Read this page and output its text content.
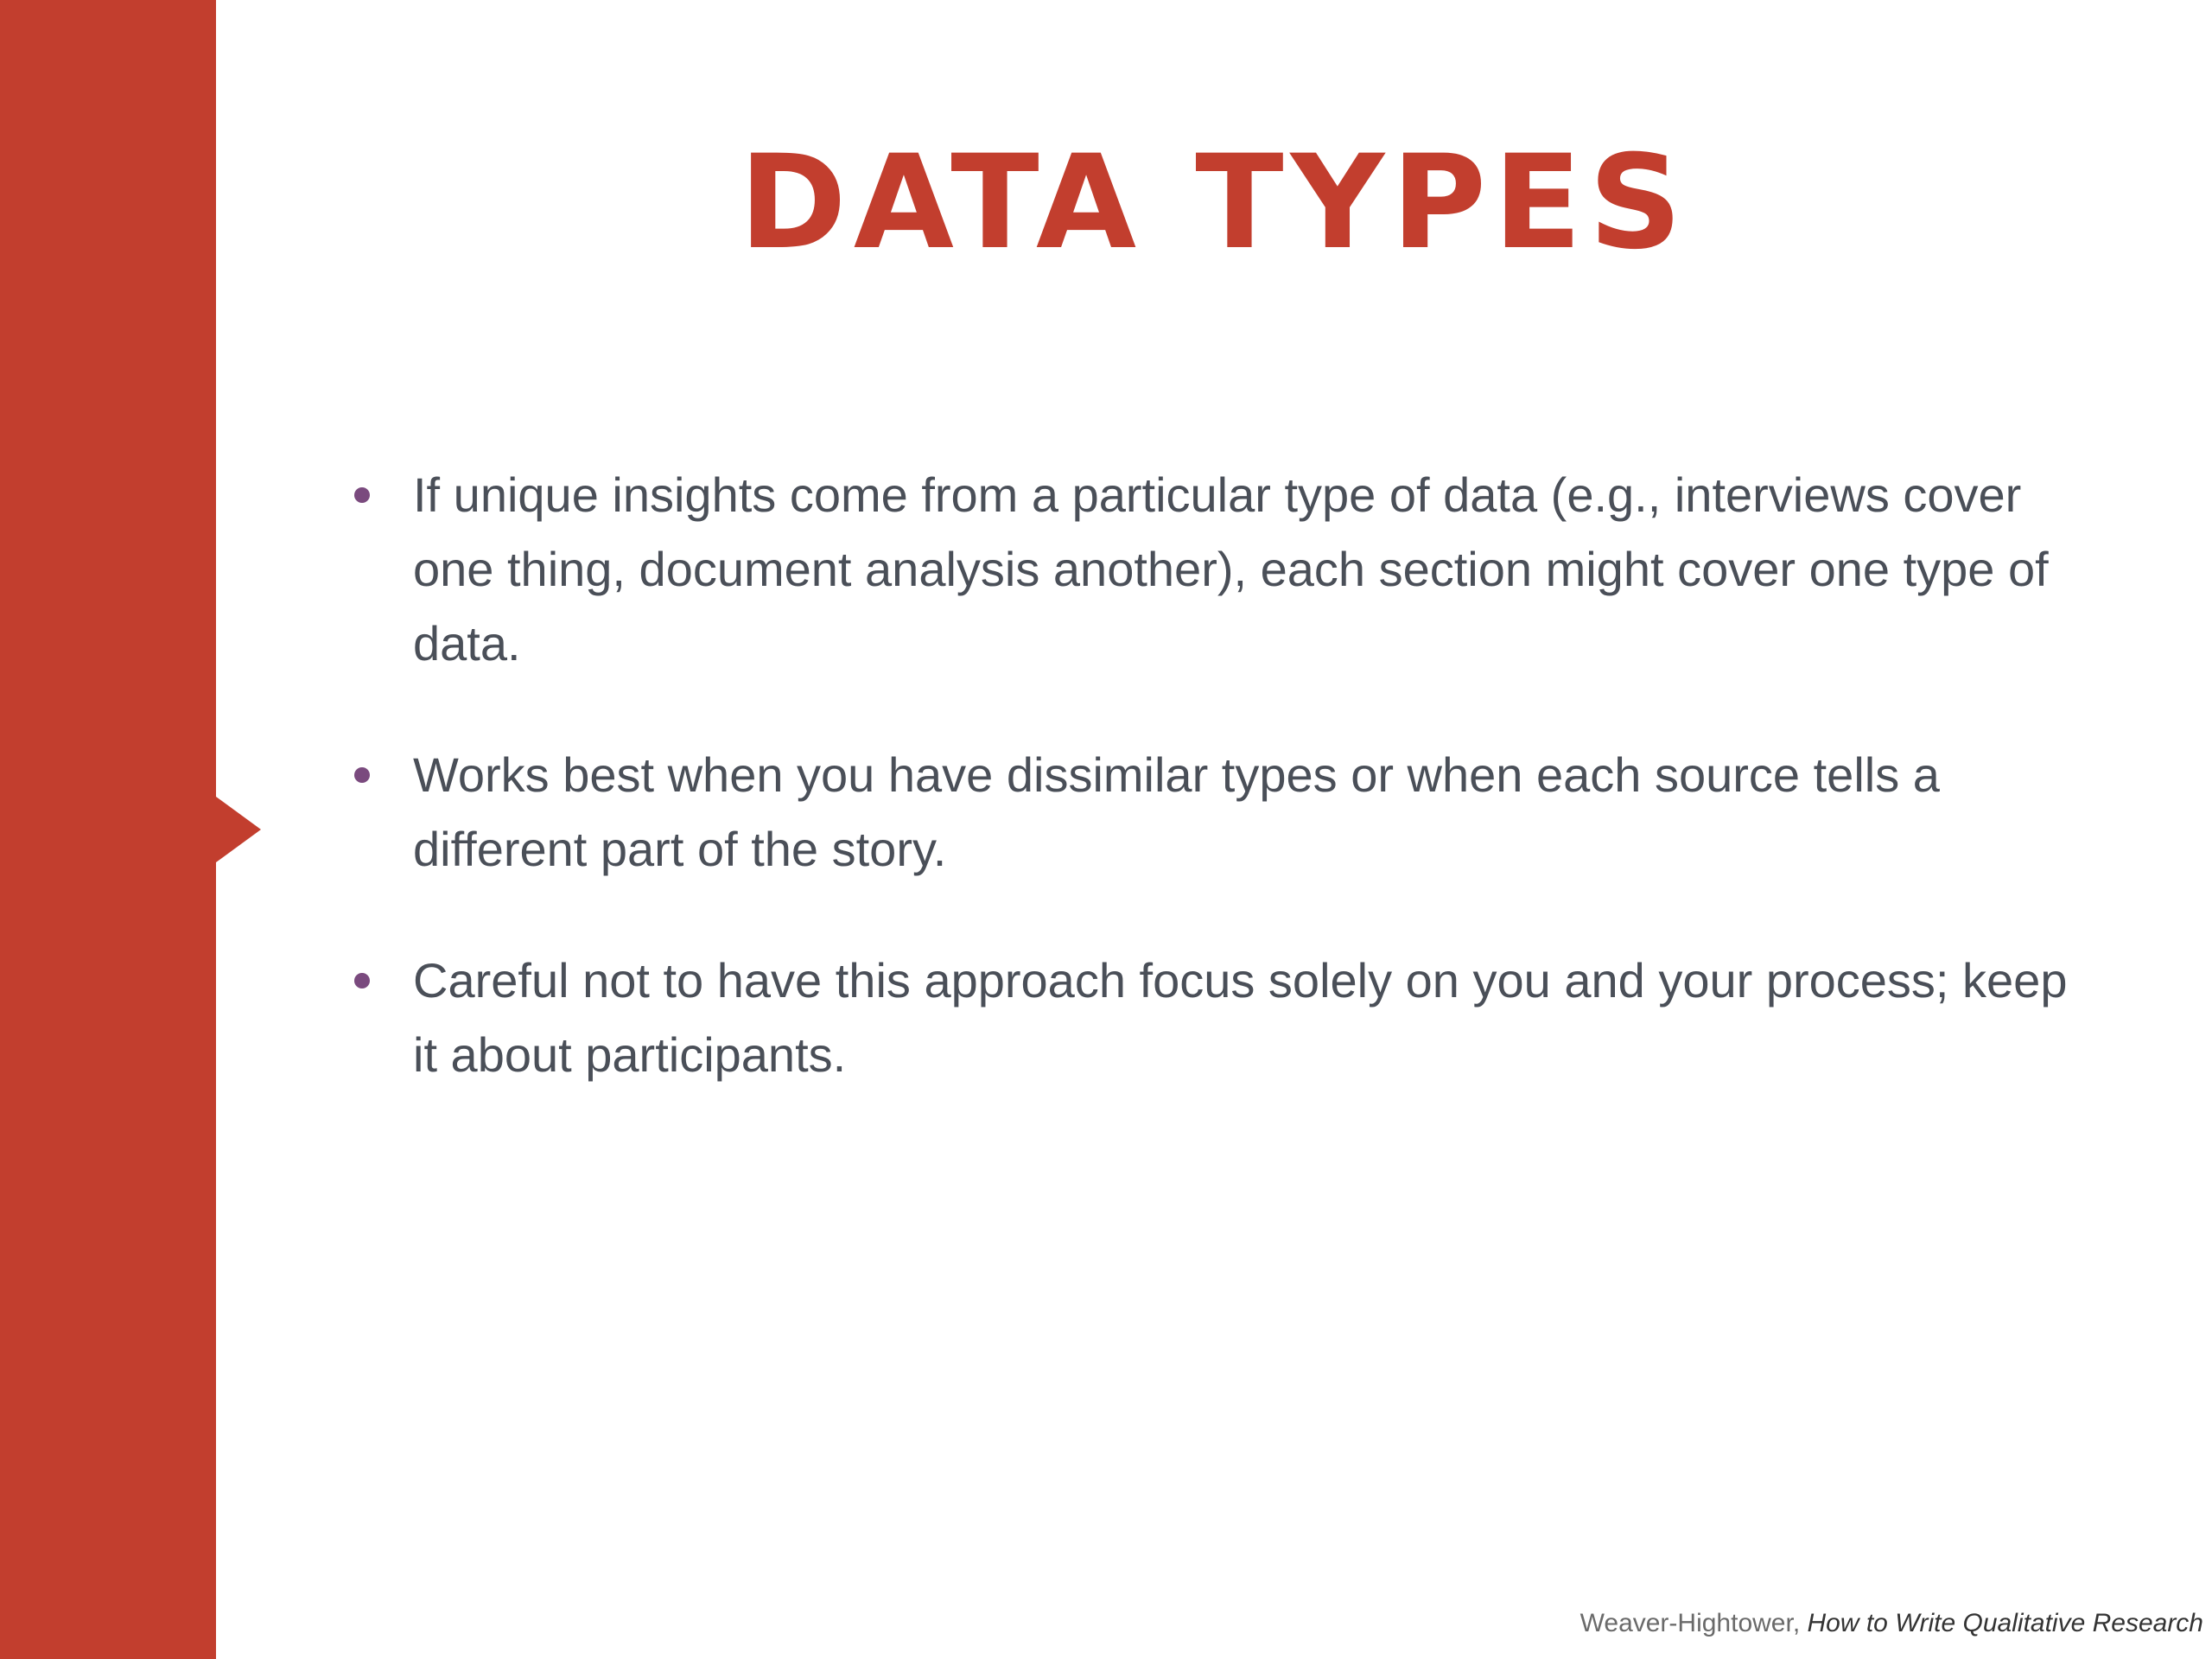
DATA TYPES
If unique insights come from a particular type of data (e.g., interviews cover one thing, document analysis another), each section might cover one type of data.
Works best when you have dissimilar types or when each source tells a different part of the story.
Careful not to have this approach focus solely on you and your process; keep it about participants.
Weaver-Hightower, How to Write Qualitative Research
